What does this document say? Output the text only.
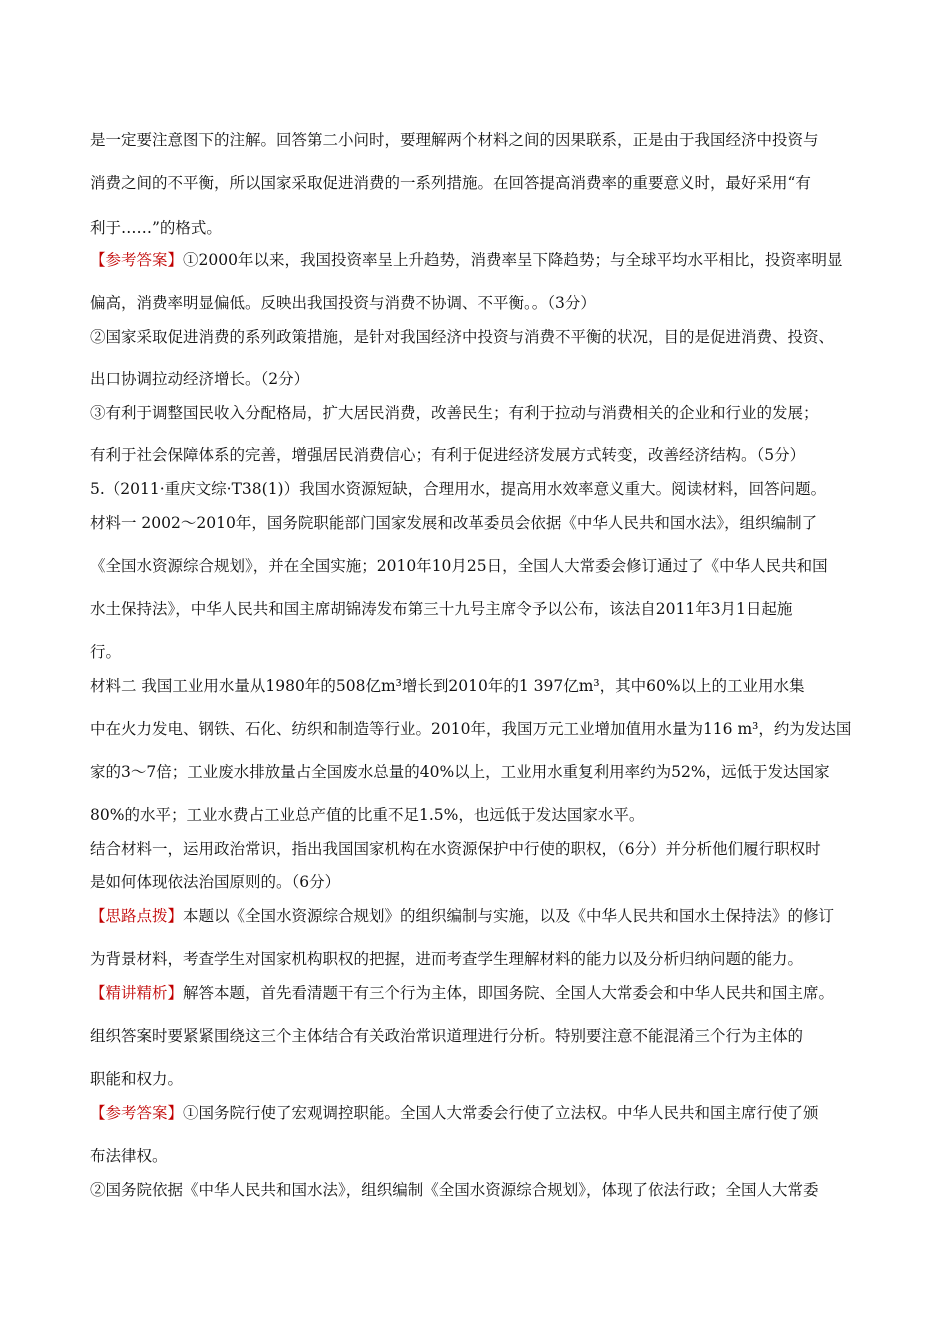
是一定要注意图下的注解。回答第二小问时，要理解两个材料之间的因果联系，正是由于我国经济中投资与
消费之间的不平衡，所以国家采取促进消费的一系列措施。在回答提高消费率的重要意义时，最好采用“有
利于……”的格式。
【参考答案】①2000年以来，我国投资率呈上升趋势，消费率呈下降趋势；与全球平均水平相比，投资率明显
偏高，消费率明显偏低。反映出我国投资与消费不协调、不平衡。。（3分）
②国家采取促进消费的系列政策措施，是针对我国经济中投资与消费不平衡的状况，目的是促进消费、投资、
出口协调拉动经济增长。（2分）
③有利于调整国民收入分配格局，扩大居民消费，改善民生；有利于拉动与消费相关的企业和行业的发展；
有利于社会保障体系的完善，增强居民消费信心；有利于促进经济发展方式转变，改善经济结构。（5分）
5.（2011·重庆文综·T38(1)）我国水资源短缺，合理用水，提高用水效率意义重大。阅读材料，回答问题。
材料一 2002～2010年，国务院职能部门国家发展和改革委员会依据《中华人民共和国水法》，组织编制了
《全国水资源综合规划》，并在全国实施；2010年10月25日，全国人大常委会修订通过了《中华人民共和国
水土保持法》，中华人民共和国主席胡锦涛发布第三十九号主席令予以公布，该法自2011年3月1日起施
行。
材料二 我国工业用水量从1980年的508亿m³增长到2010年的1 397亿m³，其中60%以上的工业用水集
中在火力发电、钢铁、石化、纺织和制造等行业。2010年，我国万元工业增加值用水量为116 m³，约为发达国
家的3～7倍；工业废水排放量占全国废水总量的40%以上，工业用水重复利用率约为52%，远低于发达国家
80%的水平；工业水费占工业总产值的比重不足1.5%，也远低于发达国家水平。
结合材料一，运用政治常识，指出我国国家机构在水资源保护中行使的职权，（6分）并分析他们履行职权时
是如何体现依法治国原则的。（6分）
【思路点拨】本题以《全国水资源综合规划》的组织编制与实施，以及《中华人民共和国水土保持法》的修订
为背景材料，考查学生对国家机构职权的把握，进而考查学生理解材料的能力以及分析归纳问题的能力。
【精讲精析】解答本题，首先看清题干有三个行为主体，即国务院、全国人大常委会和中华人民共和国主席。
组织答案时要紧紧围绕这三个主体结合有关政治常识道理进行分析。特别要注意不能混淆三个行为主体的
职能和权力。
【参考答案】①国务院行使了宏观调控职能。全国人大常委会行使了立法权。中华人民共和国主席行使了颁
布法律权。
②国务院依据《中华人民共和国水法》，组织编制《全国水资源综合规划》，体现了依法行政；全国人大常委
